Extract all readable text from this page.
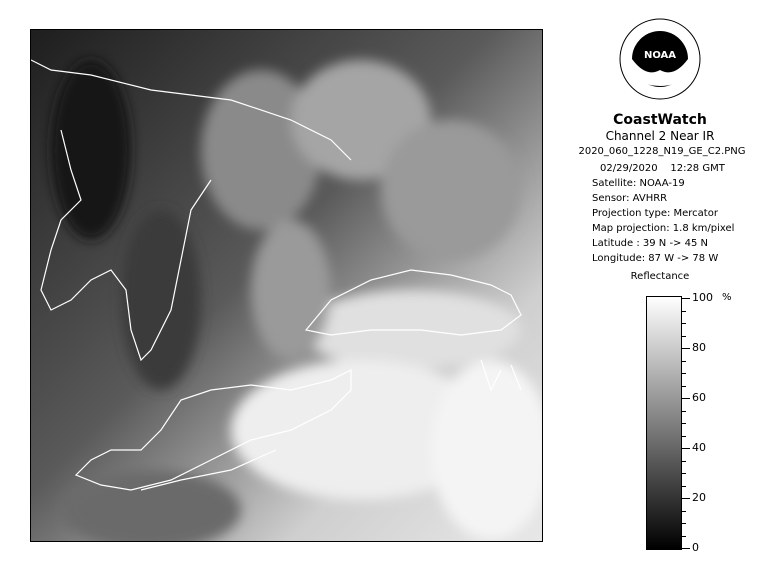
NOAA
CoastWatch
Channel 2 Near IR
2020_060_1228_N19_GE_C2.PNG
02/29/2020    12:28 GMT
Satellite: NOAA-19
Sensor: AVHRR
Projection type: Mercator
Map projection: 1.8 km/pixel
Latitude : 39 N -> 45 N
Longitude: 87 W -> 78 W
Reflectance
%
100
80
60
40
20
0
